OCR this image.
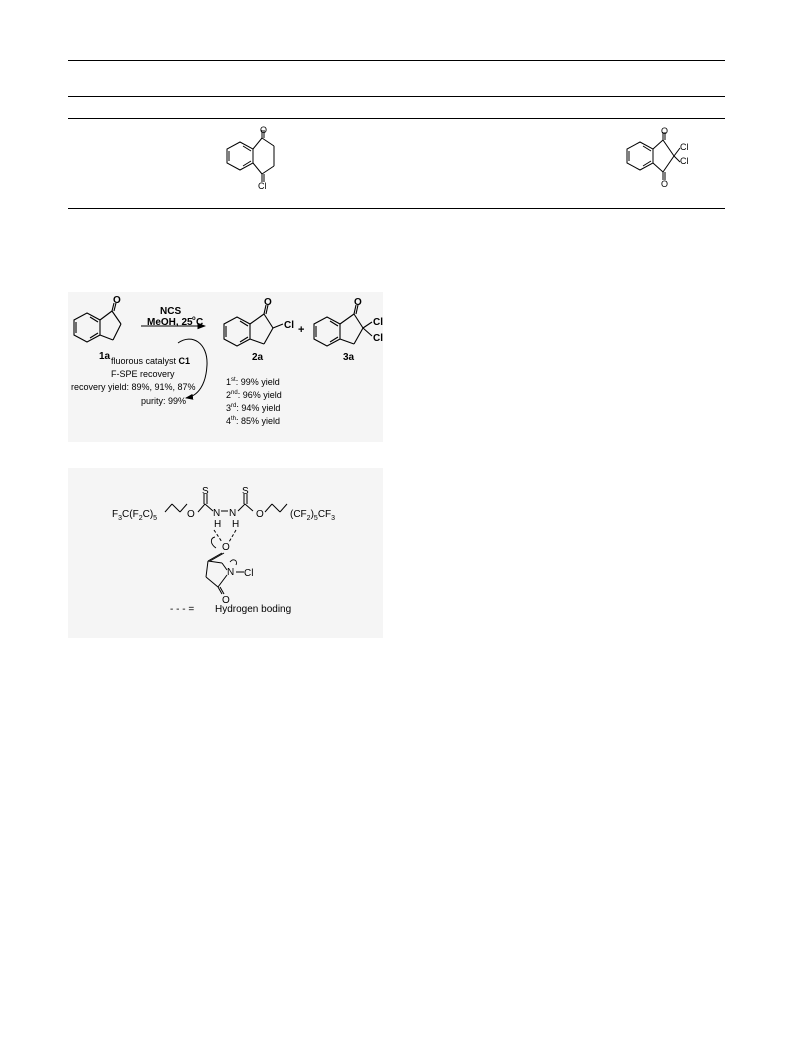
O
Cl
O
O
Cl
Cl
O
NCS
MeOH, 25 o C
1a fluorous catalyst C1
F-SPE recovery
recovery yield: 89%, 91%, 87%
purity: 99%
O
Cl
2a
+
O
Cl
Cl
3a
1st: 99% yield
2nd: 96% yield
3rd: 94% yield
4th: 85% yield
$F_3C(F_2C)_5$	O
S
N
H
N
H
S
O	$(CF_2)_5CF_3$
O
N Cl
O
- - - = Hydrogen boding
